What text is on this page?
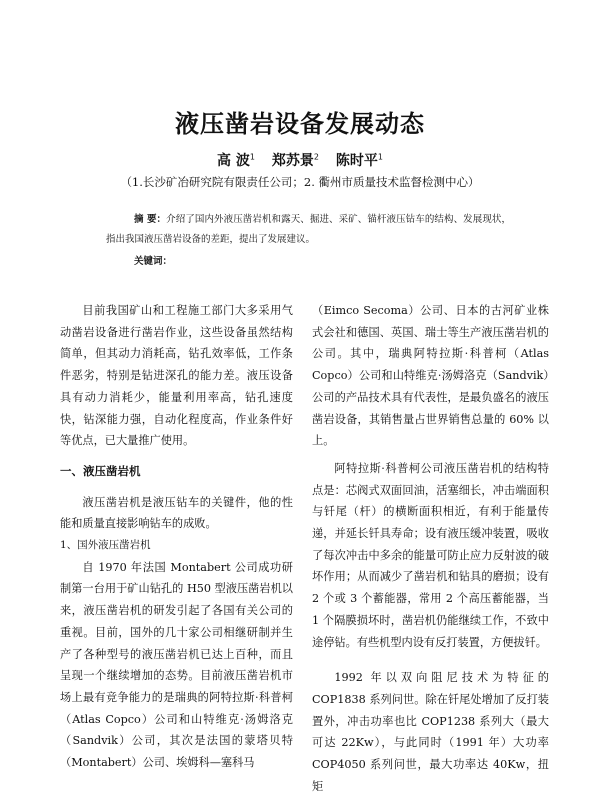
液压凿岩设备发展动态
高 波$^1$ 郑苏景$^2$ 陈时平$^1$
（1.长沙矿冶研究院有限责任公司；2. 衢州市质量技术监督检测中心）
摘 要：介绍了国内外液压凿岩机和露天、掘进、采矿、锚杆液压钻车的结构、发展现状，指出我国液压凿岩设备的差距，提出了发展建议。
关键词：

目前我国矿山和工程施工部门大多采用气动凿岩设备进行凿岩作业，这些设备虽然结构简单，但其动力消耗高，钻孔效率低，工作条件恶劣，特别是钻进深孔的能力差。液压设备具有动力消耗少，能量利用率高，钻孔速度快，钻深能力强，自动化程度高，作业条件好等优点，已大量推广使用。

一、液压凿岩机

液压凿岩机是液压钻车的关键件，他的性能和质量直接影响钻车的成败。

1、国外液压凿岩机

自 1970 年法国 Montabert 公司成功研制第一台用于矿山钻孔的 H50 型液压凿岩机以来，液压凿岩机的研发引起了各国有关公司的重视。目前，国外的几十家公司相继研制并生产了各种型号的液压凿岩机已达上百种，而且呈现一个继续增加的态势。目前液压凿岩机市场上最有竞争能力的是瑞典的阿特拉斯·科普柯（Atlas Copco）公司和山特维克·汤姆洛克（Sandvik）公司，其次是法国的蒙塔贝特（Montabert）公司、埃姆科—塞科马

（Eimco Secoma）公司、日本的古河矿业株式会社和德国、英国、瑞士等生产液压凿岩机的公司。其中，瑞典阿特拉斯·科普柯（Atlas Copco）公司和山特维克·汤姆洛克（Sandvik）公司的产品技术具有代表性，是最负盛名的液压凿岩设备，其销售量占世界销售总量的 60% 以上。

阿特拉斯·科普柯公司液压凿岩机的结构特点是：芯阀式双面回油，活塞细长，冲击端面积与钎尾（杆）的横断面积相近，有利于能量传递，并延长钎具寿命；设有液压缓冲装置，吸收了每次冲击中多余的能量可防止应力反射波的破坏作用；从而减少了凿岩机和钻具的磨损；设有 2 个或 3 个蓄能器，常用 2 个高压蓄能器，当 1 个隔膜损坏时，凿岩机仍能继续工作，不致中途停钻。有些机型内设有反打装置，方便拔钎。

1992 年以双向阻尼技术为特征的 COP1838 系列问世。除在钎尾处增加了反打装置外，冲击功率也比 COP1238 系列大（最大可达 22Kw），与此同时（1991 年）大功率 COP4050 系列问世，最大功率达 40Kw，扭矩
